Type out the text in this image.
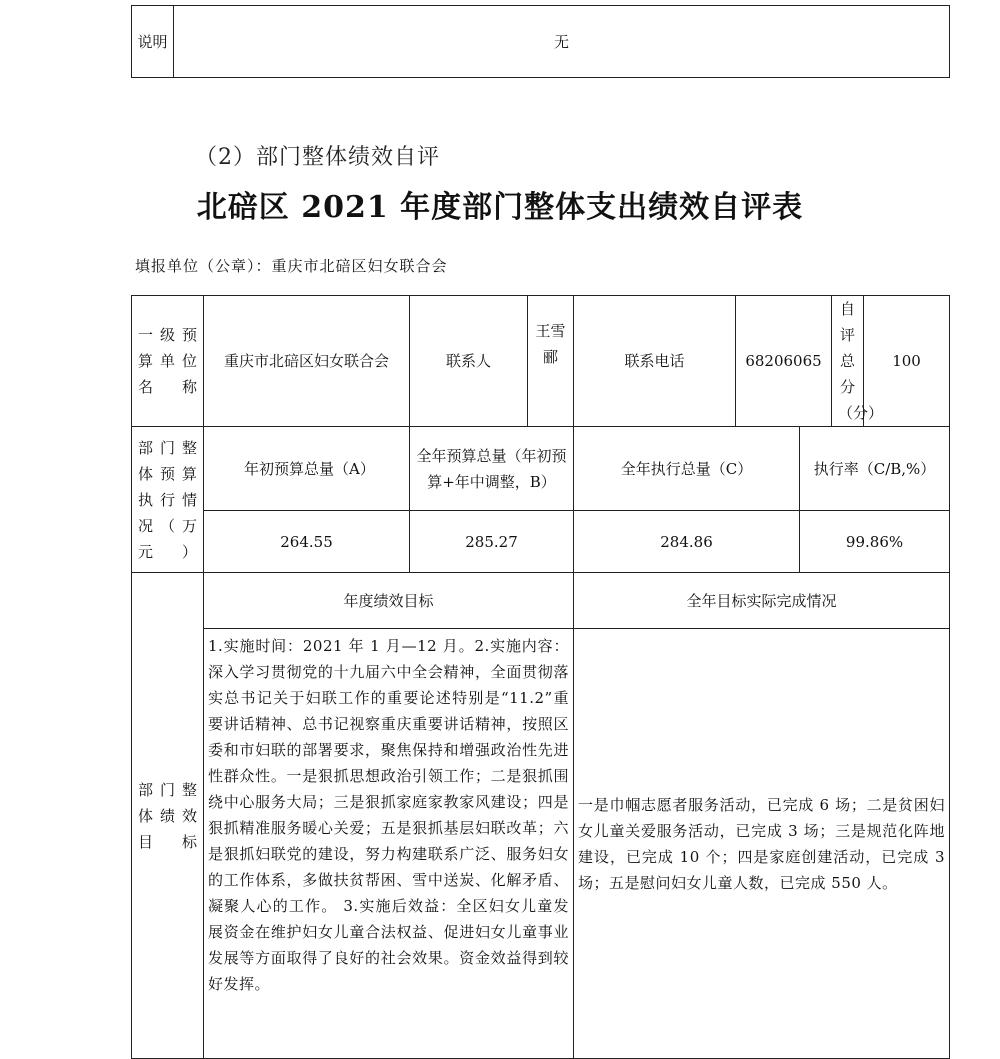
说明	无
（2）部门整体绩效自评
北碚区 2021 年度部门整体支出绩效自评表
填报单位（公章）：重庆市北碚区妇女联合会
一级预算单位名称	重庆市北碚区妇女联合会	联系人	王雪郦	联系电话	68206065		自评总分（分）	100
部门整体预算执行情况（万元）	年初预算总量（A）	全年预算总量（年初预算+年中调整，B）		全年执行总量（C）		执行率（C/B,%）		
	264.55	285.27		284.86		99.86%		
部门整体绩效目标	年度绩效目标			全年目标实际完成情况				
	1.实施时间：2021 年 1 月—12 月。2.实施内容：深入学习贯彻党的十九届六中全会精神，全面贯彻落实总书记关于妇联工作的重要论述特别是“11.2”重要讲话精神、总书记视察重庆重要讲话精神，按照区委和市妇联的部署要求，聚焦保持和增强政治性先进性群众性。一是狠抓思想政治引领工作；二是狠抓围绕中心服务大局；三是狠抓家庭家教家风建设；四是狠抓精准服务暖心关爱；五是狠抓基层妇联改革；六是狠抓妇联党的建设，努力构建联系广泛、服务妇女的工作体系，多做扶贫帮困、雪中送炭、化解矛盾、凝聚人心的工作。 3.实施后效益：全区妇女儿童发展资金在维护妇女儿童合法权益、促进妇女儿童事业发展等方面取得了良好的社会效果。资金效益得到较好发挥。			一是巾帼志愿者服务活动，已完成 6 场；二是贫困妇女儿童关爱服务活动，已完成 3 场；三是规范化阵地建设，已完成 10 个；四是家庭创建活动，已完成 3 场；五是慰问妇女儿童人数，已完成 550 人。				
